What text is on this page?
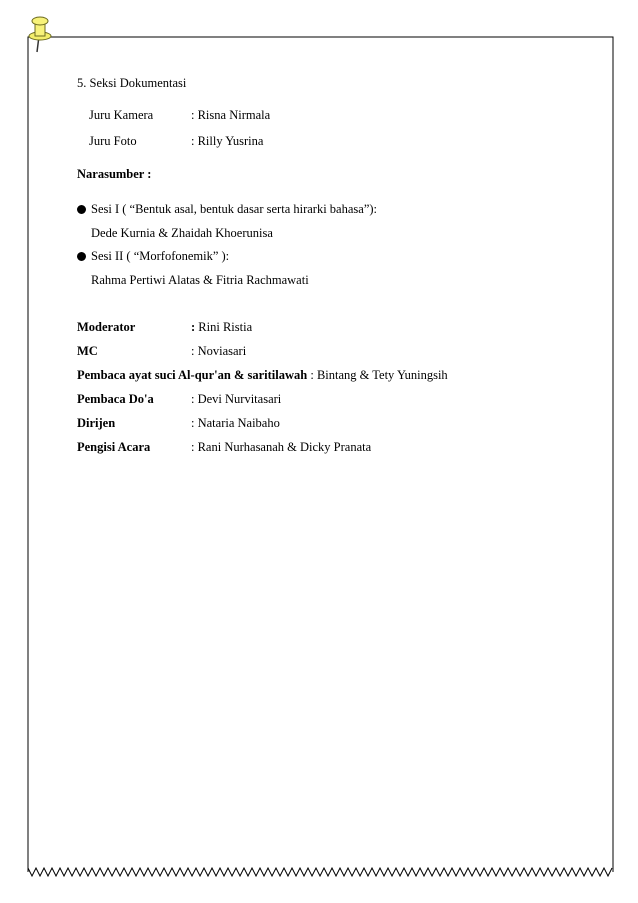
5. Seksi Dokumentasi
Juru Kamera	: Risna Nirmala
Juru Foto	: Rilly Yusrina
Narasumber :
Sesi I ( “Bentuk asal, bentuk dasar serta hirarki bahasa”):
Dede Kurnia & Zhaidah Khoerunisa
Sesi II ( “Morfofonemik” ):
Rahma Pertiwi Alatas & Fitria Rachmawati
Moderator	: Rini Ristia
MC	: Noviasari
Pembaca ayat suci Al-qur'an & saritilawah : Bintang & Tety Yuningsih
Pembaca Do'a	: Devi Nurvitasari
Dirijen	: Nataria Naibaho
Pengisi Acara	: Rani Nurhasanah & Dicky Pranata
